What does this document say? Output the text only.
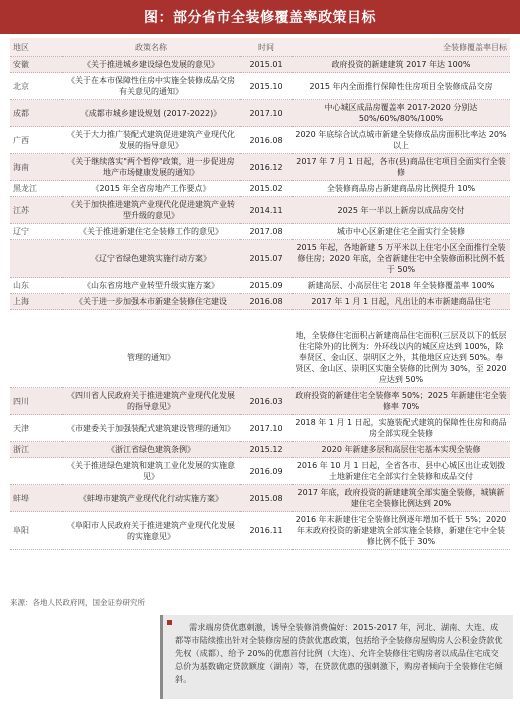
图：部分省市全装修覆盖率政策目标
地区	政策名称	时间	全装修覆盖率目标
安徽	《关于推进城乡建设绿色发展的意见》	2015.01	政府投资的新建建筑 2017 年达 100%
北京	《关于在本市保障性住房中实施全装修成品交房有关意见的通知》	2015.10	2015 年内全面推行保障性住房项目全装修成品交房
成都	《成都市城乡建设规划 (2017-2022)》	2017.10	中心城区成品房覆盖率 2017-2020 分别达 50%/60%/80%/100%
广西	《关于大力推广装配式建筑促进建筑产业现代化发展的指导意见》	2016.08	2020 年底综合试点城市新建全装修成品房面积比率达 20%以上
海南	《关于继续落实"两个暂停"政策，进一步促进房地产市场健康发展的通知》	2016.12	2017 年 7 月 1 日起，各市(县)商品住宅项目全面实行全装修
黑龙江	《2015 年全省房地产工作要点》	2015.02	全装修商品房占新建商品房比例提升 10%
江苏	《关于加快推进建筑产业现代化促进建筑产业转型升级的意见》	2014.11	2025 年一半以上新房以成品房交付
辽宁	《关于推进新建住宅全装修工作的意见》	2017.08	城市中心区新建住宅全面实行全装修
	《辽宁省绿色建筑实施行动方案》	2015.07	2015 年起，各地新建 5 万平米以上住宅小区全面推行全装修住房；2020 年底，全省新建住宅中全装修面积比例不低于 50%
山东	《山东省房地产业转型升级实施方案》	2015.09	新建高层、小高层住宅 2018 年全装修覆盖率 100%
上海	《关于进一步加强本市新建全装修住宅建设	2016.08	2017 年 1 月 1 日起，凡出让的本市新建商品住宅

	管理的通知》		地，全装修住宅面积占新建商品住宅面积(三层及以下的低层住宅除外)的比例为：外环线以内的城区应达到 100%，除奉贤区、金山区、崇明区之外，其他地区应达到 50%。奉贤区、金山区、崇明区实施全装修的比例为 30%，至 2020 应达到 50%
四川	《四川省人民政府关于推进建筑产业现代化发展的指导意见》	2016.03	政府投资的新建住宅全装修率 50%；2025 年新建住宅全装修率 70%
天津	《市建委关于加强装配式建筑建设管理的通知》	2017.10	2018 年 1 月 1 日起，实施装配式建筑的保障性住房和商品房全部实现全装修
浙江	《浙江省绿色建筑条例》	2015.12	2020 年新建多层和高层住宅基本实现全装修
	《关于推进绿色建筑和建筑工业化发展的实施意见》	2016.09	2016 年 10 月 1 日起，全省各市、县中心城区出让或划拨土地新建住宅全部实行全装修和成品交付
蚌埠	《蚌埠市建筑产业现代化行动实施方案》	2015.08	2017 年底，政府投资的新建建筑全部实施全装修，城镇新建住宅全装修比例达到 20%
阜阳	《阜阳市人民政府关于推进建筑产业现代化发展的实施意见》	2016.11	2016 年末新建住宅全装修比例逐年增加不低于 5%；2020 年末政府投资的新建建筑全部实施全装修，新建住宅中全装修比例不低于 30%
来源：各地人民政府网，国金证券研究所
需求端房贷优惠刺激，诱导全装修消费偏好：2015-2017 年，河北、湖南、大连、成都等市陆续推出针对全装修房屋的贷款优惠政策，包括给予全装修房屋购房人公积金贷款优先权（成都）、给予 20%的优惠首付比例（大连）、允许全装修住宅购房者以成品住宅成交总价为基数确定贷款额度（湖南）等，在贷款优惠的强刺激下，购房者倾向于全装修住宅倾斜。
